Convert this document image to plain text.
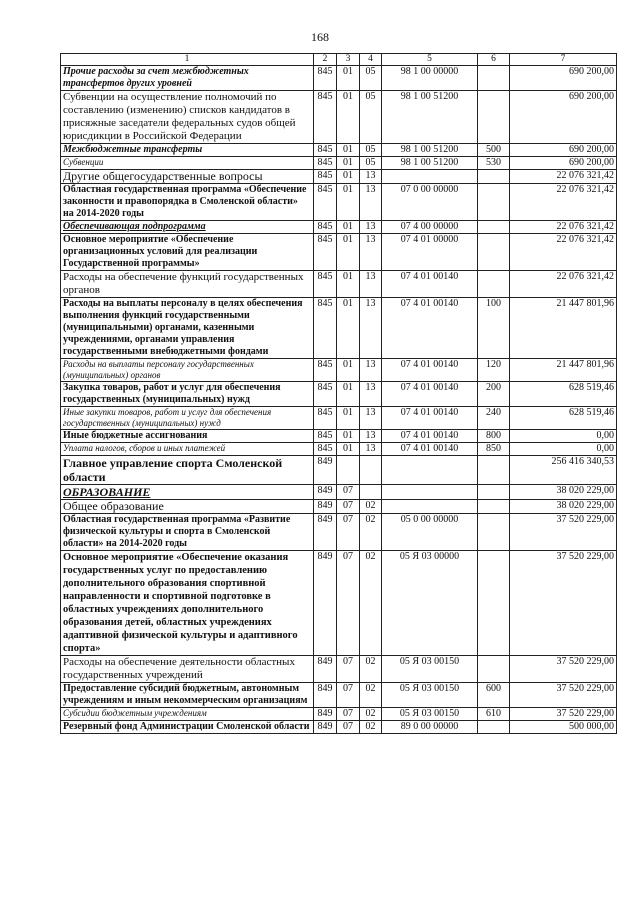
168
1	2	3	4	5	6	7
Прочие расходы за счет межбюджетных трансфертов других уровней	845	01	05	98 1 00 00000		690 200,00
Субвенции на осуществление полномочий по составлению (изменению) списков кандидатов в присяжные заседатели федеральных судов общей юрисдикции в Российской Федерации	845	01	05	98 1 00 51200		690 200,00
Межбюджетные трансферты	845	01	05	98 1 00 51200	500	690 200,00
Субвенции	845	01	05	98 1 00 51200	530	690 200,00
Другие общегосударственные вопросы	845	01	13			22 076 321,42
Областная государственная программа «Обеспечение законности и правопорядка в Смоленской области» на 2014-2020 годы	845	01	13	07 0 00 00000		22 076 321,42
Обеспечивающая подпрограмма	845	01	13	07 4 00 00000		22 076 321,42
Основное мероприятие «Обеспечение организационных условий для реализации Государственной программы»	845	01	13	07 4 01 00000		22 076 321,42
Расходы на обеспечение функций государственных органов	845	01	13	07 4 01 00140		22 076 321,42
Расходы на выплаты персоналу в целях обеспечения выполнения функций государственными (муниципальными) органами, казенными учреждениями, органами управления государственными внебюджетными фондами	845	01	13	07 4 01 00140	100	21 447 801,96
Расходы на выплаты персоналу государственных (муниципальных) органов	845	01	13	07 4 01 00140	120	21 447 801,96
Закупка товаров, работ и услуг для обеспечения государственных (муниципальных) нужд	845	01	13	07 4 01 00140	200	628 519,46
Иные закупки товаров, работ и услуг для обеспечения государственных (муниципальных) нужд	845	01	13	07 4 01 00140	240	628 519,46
Иные бюджетные ассигнования	845	01	13	07 4 01 00140	800	0,00
Уплата налогов, сборов и иных платежей	845	01	13	07 4 01 00140	850	0,00
Главное управление спорта Смоленской области	849					256 416 340,53
ОБРАЗОВАНИЕ	849	07				38 020 229,00
Общее образование	849	07	02			38 020 229,00
Областная государственная программа «Развитие физической культуры и спорта в Смоленской области» на 2014-2020 годы	849	07	02	05 0 00 00000		37 520 229,00
Основное мероприятие «Обеспечение оказания государственных услуг по предоставлению дополнительного образования спортивной направленности и спортивной подготовке в областных учреждениях дополнительного образования детей, областных учреждениях адаптивной физической культуры и адаптивного спорта»	849	07	02	05 Я 03 00000		37 520 229,00
Расходы на обеспечение деятельности областных государственных учреждений	849	07	02	05 Я 03 00150		37 520 229,00
Предоставление субсидий бюджетным, автономным учреждениям и иным некоммерческим организациям	849	07	02	05 Я 03 00150	600	37 520 229,00
Субсидии бюджетным учреждениям	849	07	02	05 Я 03 00150	610	37 520 229,00
Резервный фонд Администрации Смоленской области	849	07	02	89 0 00 00000		500 000,00
